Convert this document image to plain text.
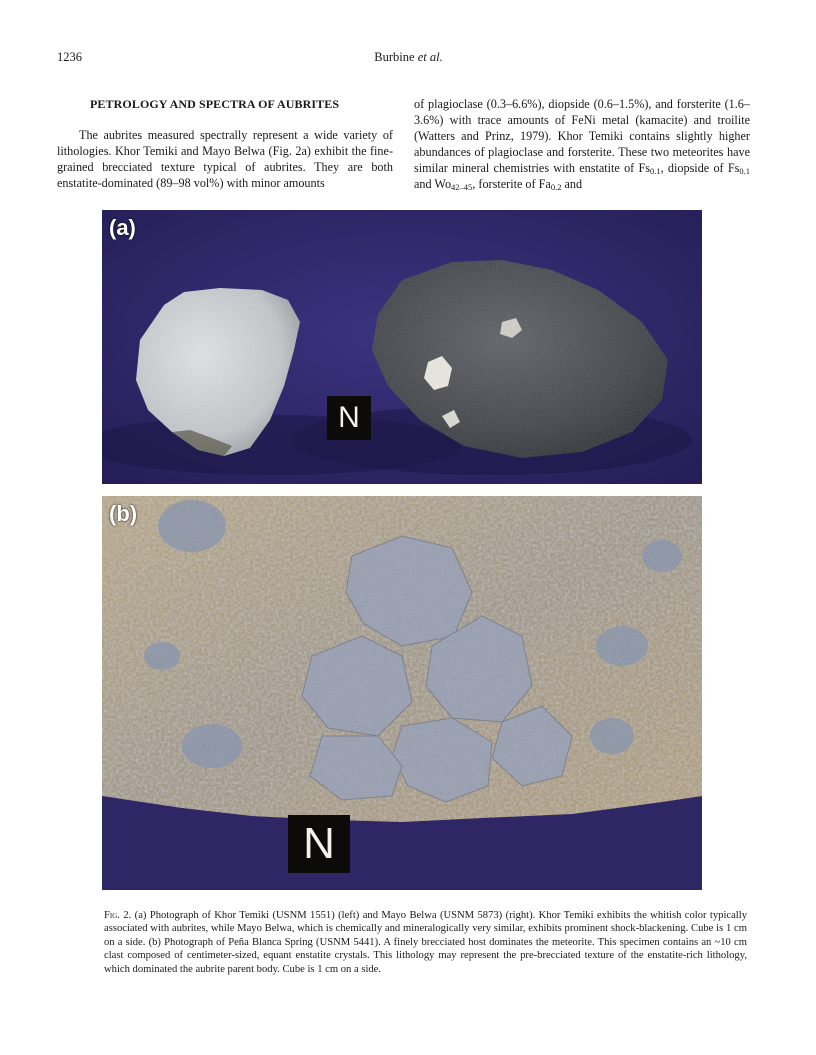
1236	Burbine et al.
PETROLOGY AND SPECTRA OF AUBRITES

The aubrites measured spectrally represent a wide variety of lithologies. Khor Temiki and Mayo Belwa (Fig. 2a) exhibit the fine-grained brecciated texture typical of aubrites. They are both enstatite-dominated (89–98 vol%) with minor amounts

of plagioclase (0.3–6.6%), diopside (0.6–1.5%), and forsterite (1.6–3.6%) with trace amounts of FeNi metal (kamacite) and troilite (Watters and Prinz, 1979). Khor Temiki contains slightly higher abundances of plagioclase and forsterite. These two meteorites have similar mineral chemistries with enstatite of $Fs_{0.1}$, diopside of $Fs_{0.1}$ and $Wo_{42-45}$, forsterite of $Fa_{0.2}$ and

(a)
N
(b)
N
Fig. 2. (a) Photograph of Khor Temiki (USNM 1551) (left) and Mayo Belwa (USNM 5873) (right). Khor Temiki exhibits the whitish color typically associated with aubrites, while Mayo Belwa, which is chemically and mineralogically very similar, exhibits prominent shock-blackening. Cube is 1 cm on a side. (b) Photograph of Peña Blanca Spring (USNM 5441). A finely brecciated host dominates the meteorite. This specimen contains an ~10 cm clast composed of centimeter-sized, equant enstatite crystals. This lithology may represent the pre-brecciated texture of the enstatite-rich lithology, which dominated the aubrite parent body. Cube is 1 cm on a side.
